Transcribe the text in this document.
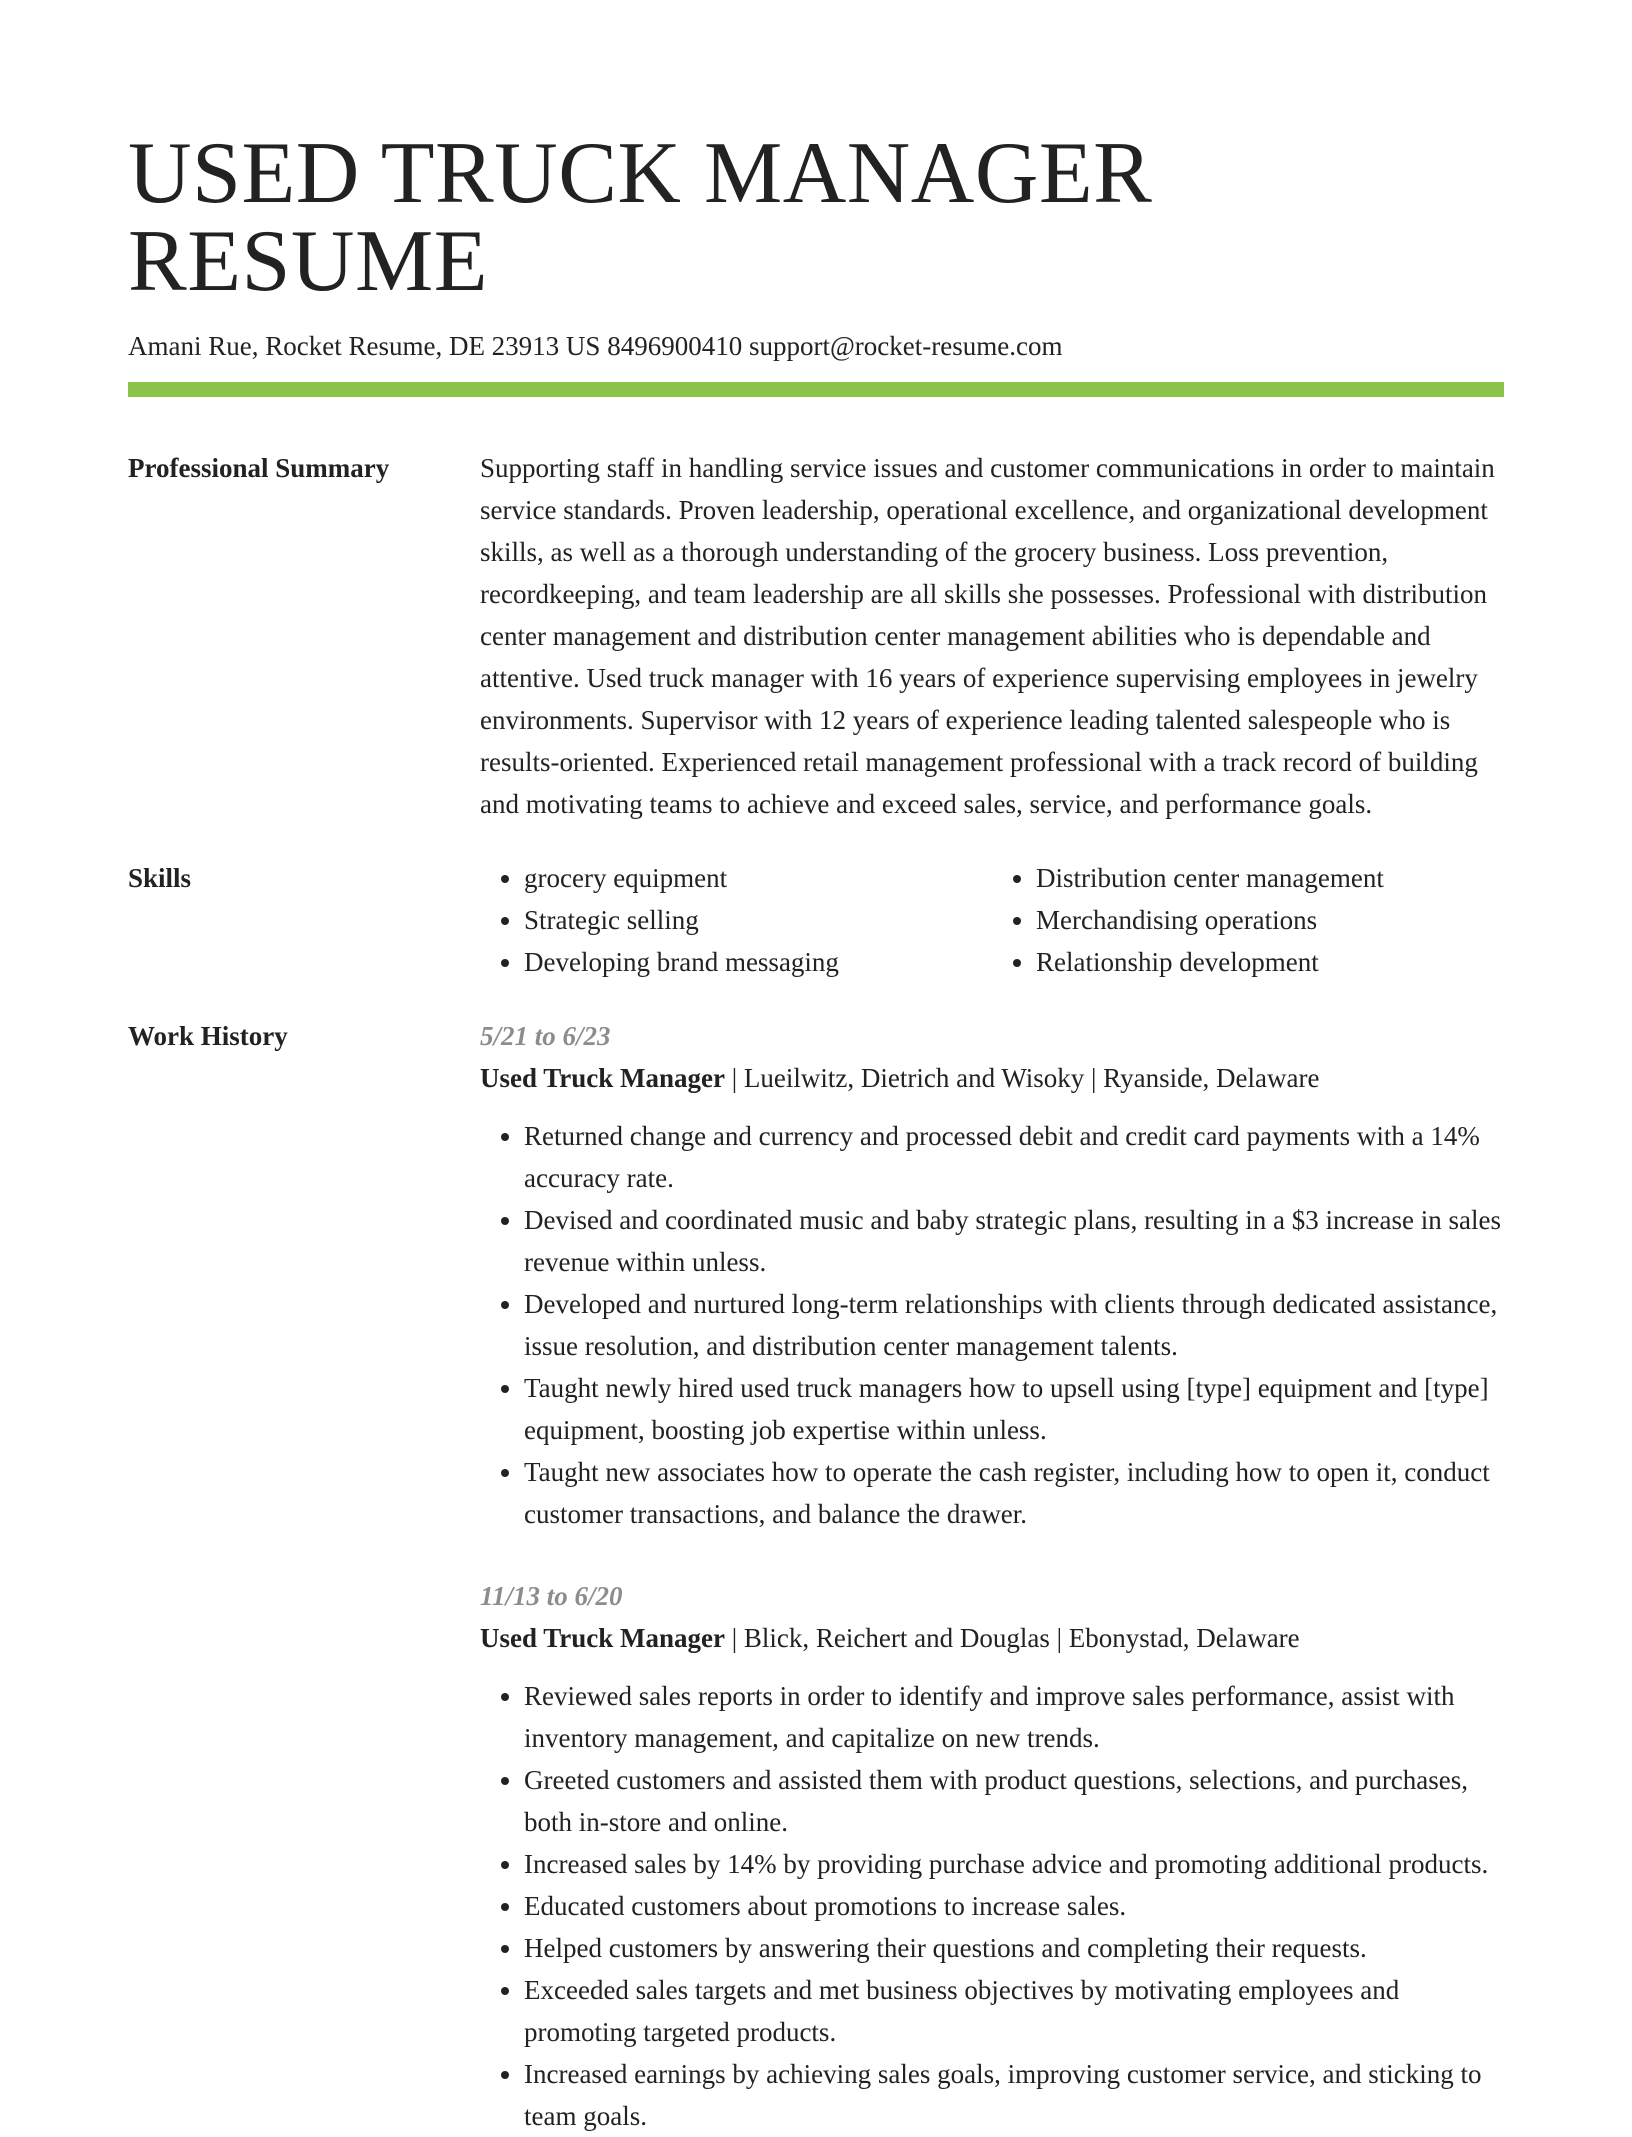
USED TRUCK MANAGER RESUME
Amani Rue, Rocket Resume, DE 23913 US 8496900410 support@rocket-resume.com
Professional Summary	Supporting staff in handling service issues and customer communications in order to maintain service standards. Proven leadership, operational excellence, and organizational development skills, as well as a thorough understanding of the grocery business. Loss prevention, recordkeeping, and team leadership are all skills she possesses. Professional with distribution center management and distribution center management abilities who is dependable and attentive. Used truck manager with 16 years of experience supervising employees in jewelry environments. Supervisor with 12 years of experience leading talented salespeople who is results-oriented. Experienced retail management professional with a track record of building and motivating teams to achieve and exceed sales, service, and performance goals.
Skills
•	grocery equipment
• Strategic selling
• Developing brand messaging
• Distribution center management
• Merchandising operations
• Relationship development
Work History	5/21 to 6/23
Used Truck Manager | Lueilwitz, Dietrich and Wisoky | Ryanside, Delaware
• Returned change and currency and processed debit and credit card payments with a 14% accuracy rate.
• Devised and coordinated music and baby strategic plans, resulting in a $3 increase in sales revenue within unless.
• Developed and nurtured long-term relationships with clients through dedicated assistance, issue resolution, and distribution center management talents.
• Taught newly hired used truck managers how to upsell using [type] equipment and [type] equipment, boosting job expertise within unless.
• Taught new associates how to operate the cash register, including how to open it, conduct customer transactions, and balance the drawer.
11/13 to 6/20
Used Truck Manager | Blick, Reichert and Douglas | Ebonystad, Delaware
• Reviewed sales reports in order to identify and improve sales performance, assist with inventory management, and capitalize on new trends.
• Greeted customers and assisted them with product questions, selections, and purchases, both in-store and online.
• Increased sales by 14% by providing purchase advice and promoting additional products.
• Educated customers about promotions to increase sales.
• Helped customers by answering their questions and completing their requests.
• Exceeded sales targets and met business objectives by motivating employees and promoting targeted products.
• Increased earnings by achieving sales goals, improving customer service, and sticking to team goals.
